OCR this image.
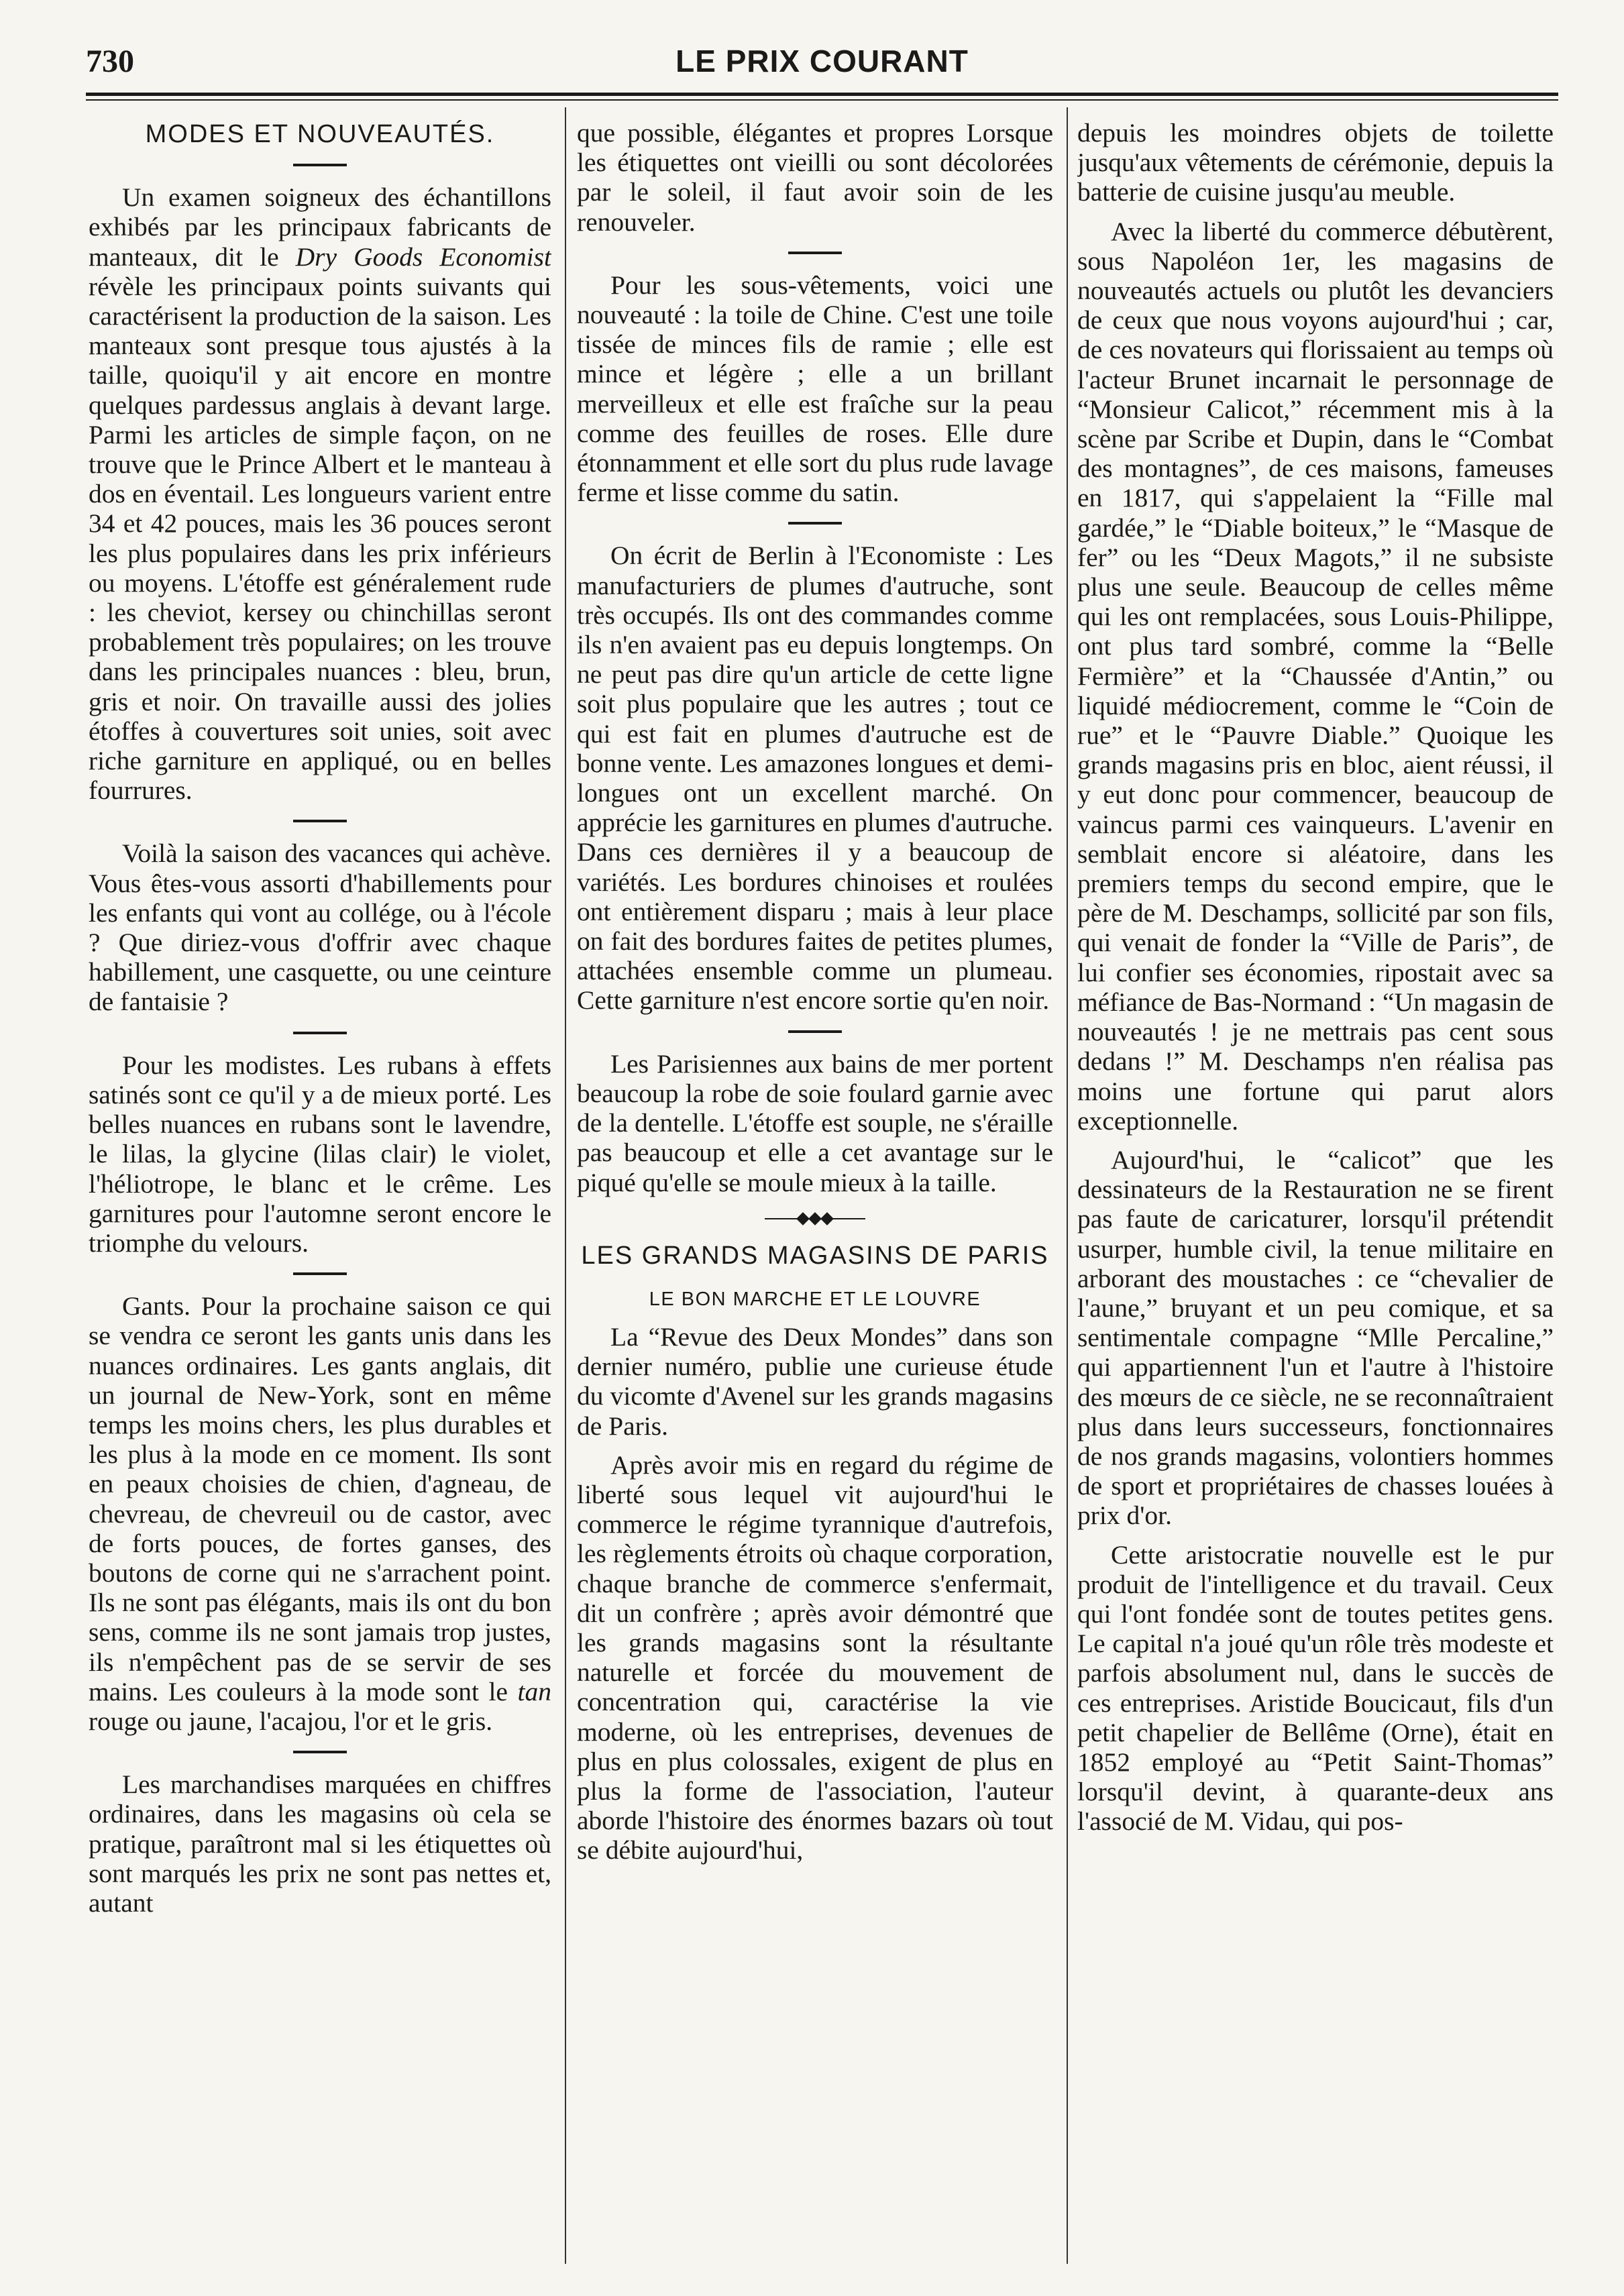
730	LE PRIX COURANT
MODES ET NOUVEAUTÉS.

Un examen soigneux des échantillons exhibés par les principaux fabricants de manteaux, dit le Dry Goods Economist révèle les principaux points suivants qui caractérisent la production de la saison. Les manteaux sont presque tous ajustés à la taille, quoiqu'il y ait encore en montre quelques pardessus anglais à devant large. Parmi les articles de simple façon, on ne trouve que le Prince Albert et le manteau à dos en éventail. Les longueurs varient entre 34 et 42 pouces, mais les 36 pouces seront les plus populaires dans les prix inférieurs ou moyens. L'étoffe est généralement rude : les cheviot, kersey ou chinchillas seront probablement très populaires; on les trouve dans les principales nuances : bleu, brun, gris et noir. On travaille aussi des jolies étoffes à couvertures soit unies, soit avec riche garniture en appliqué, ou en belles fourrures.

Voilà la saison des vacances qui achève. Vous êtes-vous assorti d'habillements pour les enfants qui vont au collége, ou à l'école ? Que diriez-vous d'offrir avec chaque habillement, une casquette, ou une ceinture de fantaisie ?

Pour les modistes. Les rubans à effets satinés sont ce qu'il y a de mieux porté. Les belles nuances en rubans sont le lavendre, le lilas, la glycine (lilas clair) le violet, l'héliotrope, le blanc et le crême. Les garnitures pour l'automne seront encore le triomphe du velours.

Gants. Pour la prochaine saison ce qui se vendra ce seront les gants unis dans les nuances ordinaires. Les gants anglais, dit un journal de New-York, sont en même temps les moins chers, les plus durables et les plus à la mode en ce moment. Ils sont en peaux choisies de chien, d'agneau, de chevreau, de chevreuil ou de castor, avec de forts pouces, de fortes ganses, des boutons de corne qui ne s'arrachent point. Ils ne sont pas élégants, mais ils ont du bon sens, comme ils ne sont jamais trop justes, ils n'empêchent pas de se servir de ses mains. Les couleurs à la mode sont le tan rouge ou jaune, l'acajou, l'or et le gris.

Les marchandises marquées en chiffres ordinaires, dans les magasins où cela se pratique, paraîtront mal si les étiquettes où sont marqués les prix ne sont pas nettes et, autant

que possible, élégantes et propres Lorsque les étiquettes ont vieilli ou sont décolorées par le soleil, il faut avoir soin de les renouveler.

Pour les sous-vêtements, voici une nouveauté : la toile de Chine. C'est une toile tissée de minces fils de ramie ; elle est mince et légère ; elle a un brillant merveilleux et elle est fraîche sur la peau comme des feuilles de roses. Elle dure étonnamment et elle sort du plus rude lavage ferme et lisse comme du satin.

On écrit de Berlin à l'Economiste : Les manufacturiers de plumes d'autruche, sont très occupés. Ils ont des commandes comme ils n'en avaient pas eu depuis longtemps. On ne peut pas dire qu'un article de cette ligne soit plus populaire que les autres ; tout ce qui est fait en plumes d'autruche est de bonne vente. Les amazones longues et demi-longues ont un excellent marché. On apprécie les garnitures en plumes d'autruche. Dans ces dernières il y a beaucoup de variétés. Les bordures chinoises et roulées ont entièrement disparu ; mais à leur place on fait des bordures faites de petites plumes, attachées ensemble comme un plumeau. Cette garniture n'est encore sortie qu'en noir.

Les Parisiennes aux bains de mer portent beaucoup la robe de soie foulard garnie avec de la dentelle. L'étoffe est souple, ne s'éraille pas beaucoup et elle a cet avantage sur le piqué qu'elle se moule mieux à la taille.

LES GRANDS MAGASINS DE PARIS
LE BON MARCHE ET LE LOUVRE

La “Revue des Deux Mondes” dans son dernier numéro, publie une curieuse étude du vicomte d'Avenel sur les grands magasins de Paris.

Après avoir mis en regard du régime de liberté sous lequel vit aujourd'hui le commerce le régime tyrannique d'autrefois, les règlements étroits où chaque corporation, chaque branche de commerce s'enfermait, dit un confrère ; après avoir démontré que les grands magasins sont la résultante naturelle et forcée du mouvement de concentration qui, caractérise la vie moderne, où les entreprises, devenues de plus en plus colossales, exigent de plus en plus la forme de l'association, l'auteur aborde l'histoire des énormes bazars où tout se débite aujourd'hui,

depuis les moindres objets de toilette jusqu'aux vêtements de cérémonie, depuis la batterie de cuisine jusqu'au meuble.

Avec la liberté du commerce débutèrent, sous Napoléon 1er, les magasins de nouveautés actuels ou plutôt les devanciers de ceux que nous voyons aujourd'hui ; car, de ces novateurs qui florissaient au temps où l'acteur Brunet incarnait le personnage de “Monsieur Calicot,” récemment mis à la scène par Scribe et Dupin, dans le “Combat des montagnes”, de ces maisons, fameuses en 1817, qui s'appelaient la “Fille mal gardée,” le “Diable boiteux,” le “Masque de fer” ou les “Deux Magots,” il ne subsiste plus une seule. Beaucoup de celles même qui les ont remplacées, sous Louis-Philippe, ont plus tard sombré, comme la “Belle Fermière” et la “Chaussée d'Antin,” ou liquidé médiocrement, comme le “Coin de rue” et le “Pauvre Diable.” Quoique les grands magasins pris en bloc, aient réussi, il y eut donc pour commencer, beaucoup de vaincus parmi ces vainqueurs. L'avenir en semblait encore si aléatoire, dans les premiers temps du second empire, que le père de M. Deschamps, sollicité par son fils, qui venait de fonder la “Ville de Paris”, de lui confier ses économies, ripostait avec sa méfiance de Bas-Normand : “Un magasin de nouveautés ! je ne mettrais pas cent sous dedans !” M. Deschamps n'en réalisa pas moins une fortune qui parut alors exceptionnelle.

Aujourd'hui, le “calicot” que les dessinateurs de la Restauration ne se firent pas faute de caricaturer, lorsqu'il prétendit usurper, humble civil, la tenue militaire en arborant des moustaches : ce “chevalier de l'aune,” bruyant et un peu comique, et sa sentimentale compagne “Mlle Percaline,” qui appartiennent l'un et l'autre à l'histoire des mœurs de ce siècle, ne se reconnaîtraient plus dans leurs successeurs, fonctionnaires de nos grands magasins, volontiers hommes de sport et propriétaires de chasses louées à prix d'or.

Cette aristocratie nouvelle est le pur produit de l'intelligence et du travail. Ceux qui l'ont fondée sont de toutes petites gens. Le capital n'a joué qu'un rôle très modeste et parfois absolument nul, dans le succès de ces entreprises. Aristide Boucicaut, fils d'un petit chapelier de Bellême (Orne), était en 1852 employé au “Petit Saint-Thomas” lorsqu'il devint, à quarante-deux ans l'associé de M. Vidau, qui pos-
